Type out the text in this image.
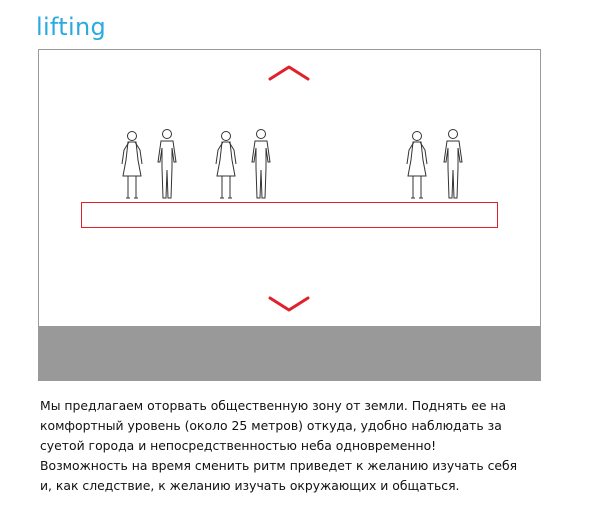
lifting

Мы предлагаем оторвать общественную зону от земли. Поднять ее на

комфортный уровень (около 25 метров) откуда, удобно наблюдать за

суетой города и непосредственностью неба одновременно!

Возможность на время сменить ритм приведет к желанию изучать себя

и, как следствие, к желанию изучать окружающих и общаться.
